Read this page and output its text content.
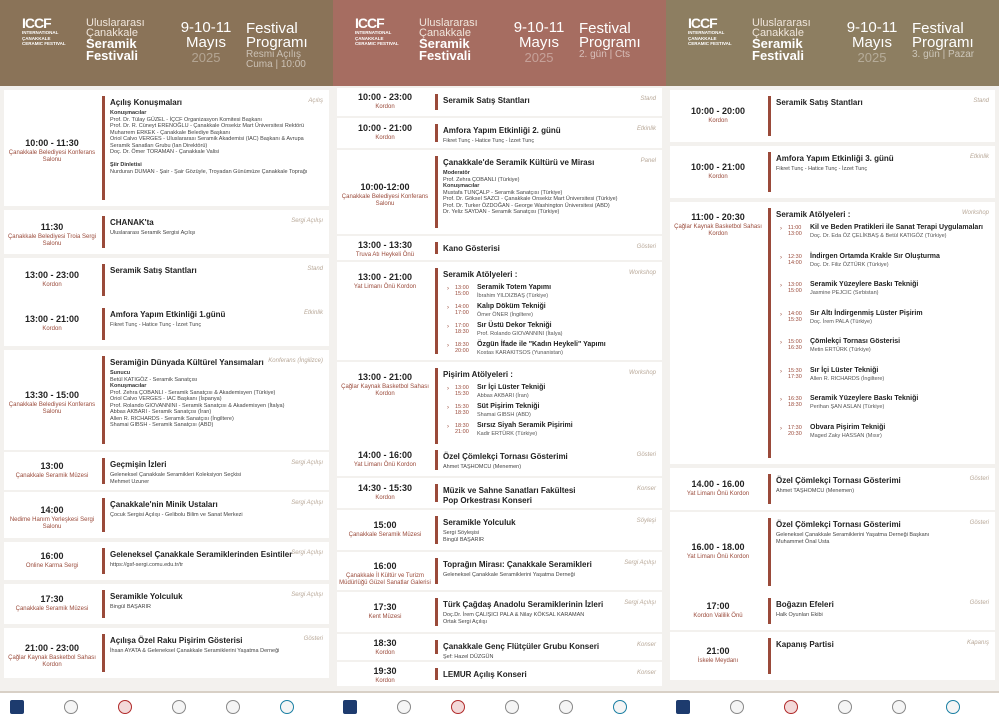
ICCF
INTERNATIONAL ÇANAKKALE CERAMIC FESTIVAL
Uluslararası
Çanakkale
Seramik
Festivali
9-10-11
Mayıs
2025
Festival
Programı
Resmi Açılış
Cuma | 10:00
10:00 - 11:30
Çanakkale Belediyesi Konferans Salonu
Açılış Konuşmaları	Açılış
Konuşmacılar
Prof. Dr. Tülay GÜZEL - İÇCF Organizasyon Komitesi Başkanı
Prof. Dr. R. Cüneyt ERENOĞLU - Çanakkale Onsekiz Mart Üniversitesi Rektörü
Muharrem ERKEK - Çanakkale Belediye Başkanı
Oriol Calvo VERGES - Uluslararası Seramik Akademisi (IAC) Başkanı & Avrupa
Seramik Sanatları Grubu (Ian Direktörü)
Doç. Dr. Ömer TORAMAN - Çanakkale Valisi

Şiir Dinletisi
Nurduran DUMAN - Şair - Şair Gözüyle, Troyadan Günümüze Çanakkale Toprağı
11:30
Çanakkale Belediyesi Troia Sergi Salonu
CHANAK'ta	Sergi Açılışı
Uluslararası Seramik Sergisi Açılışı
13:00 - 23:00
Kordon
Seramik Satış Stantları	Stand
13:00 - 21:00
Kordon
Amfora Yapım Etkinliği 1.günü	Etkinlik
Fikret Tunç - Hatice Tunç - İzzet Tunç
13:30 - 15:00
Çanakkale Belediyesi Konferans Salonu
Seramiğin Dünyada Kültürel Yansımaları Konferans (İngilizce)
Sunucu
Betül KATIGÖZ - Seramik Sanatçısı
Konuşmacılar
Prof. Zehra ÇOBANLI - Seramik Sanatçısı & Akademisyen (Türkiye)
Oriol Calvo VERGES - IAC Başkanı (İspanya)
Prof. Rolando GIOVANNINI - Seramik Sanatçısı & Akademisyen (İtalya)
Abbas AKBARI - Seramik Sanatçısı (İran)
Allen R. RICHARDS - Seramik Sanatçısı (İngiltere)
Shamai GIBSH - Seramik Sanatçısı (ABD)
13:00
Çanakkale Seramik Müzesi
Geçmişin İzleri	Sergi Açılışı
Geleneksel Çanakkale Seramikleri Koleksiyon Seçkisi
Mehmet Uzuner
14:00
Nedime Hanım Yerleşkesi Sergi Salonu
Çanakkale'nin Minik Ustaları	Sergi Açılışı
Çocuk Sergisi Açılışı - Gelibolu Bilim ve Sanat Merkezi
16:00
Online Karma Sergi
Geleneksel Çanakkale Seramiklerinden Esintiler
Sergi Açılışı
https://gsf-sergi.comu.edu.tr/tr
17:30
Çanakkale Seramik Müzesi
Seramikle Yolculuk	Sergi Açılışı
Bingül BAŞARIR
21:00 - 23:00
Çağlar Kaynak Basketbol Sahası Kordon
Açılışa Özel Raku Pişirim Gösterisi	Gösteri
İhsan AYATA & Geleneksel Çanakkale Seramiklerini Yaşatma Derneği
ICCF
INTERNATIONAL ÇANAKKALE CERAMIC FESTIVAL
Uluslararası
Çanakkale
Seramik
Festivali
9-10-11
Mayıs
2025
Festival
Programı
2. gün | Cts
10:00 - 23:00
Kordon
Seramik Satış Stantları	Stand
10:00 - 21:00
Kordon
Amfora Yapım Etkinliği 2. günü	Etkinlik
Fikret Tunç - Hatice Tunç - İzzet Tunç
10:00-12:00
Çanakkale Belediyesi Konferans Salonu
Çanakkale'de Seramik Kültürü ve Mirası	Panel
Moderatör
Prof. Zehra ÇOBANLI (Türkiye)
Konuşmacılar
Mustafa TUNÇALP - Seramik Sanatçısı (Türkiye)
Prof. Dr. Göksel SAZCI - Çanakkale Onsekiz Mart Üniversitesi (Türkiye)
Prof. Dr. Turker ÖZDOĞAN - George Washington Üniversitesi (ABD)
Dr. Yeliz SAYDAN - Seramik Sanatçısı (Türkiye)
13:00 - 13:30
Truva Atı Heykeli Önü
Kano Gösterisi	Gösteri
13:00 - 21:00
Yat Limanı Önü Kordon
Seramik Atölyeleri :	Workshop
› 13:00 15:00
Seramik Totem Yapımı
İbrahim YILDIZBAŞ (Türkiye)
› 14:00 17:00
Kalıp Döküm Tekniği
Ömer ÖNER (İngiltere)
› 17:00 18:30
Sır Üstü Dekor Tekniği
Prof. Rolando GIOVANNINI (İtalya)
› 18:30 20:00
Özgün İfade ile "Kadın Heykeli" Yapımı
Kostas KARAKITSOS (Yunanistan)
13:00 - 21:00
Çağlar Kaynak Basketbol Sahası Kordon
Pişirim Atölyeleri :	Workshop
› 13:00 15:30
Sır İçi Lüster Tekniği
Abbas AKBARI (İran)
› 15:30 18:30
Süt Pişirim Tekniği
Shamai GIBSH (ABD)
› 18:30 21:00
Sırsız Siyah Seramik Pişirimi
Kadir ERTÜRK (Türkiye)
14:00 - 16:00
Yat Limanı Önü Kordon
Özel Çömlekçi Tornası Gösterimi	Gösteri
Ahmet TAŞHOMCU (Menemen)
14:30 - 15:30
Kordon
Müzik ve Sahne Sanatları Fakültesi	Konser
Pop Orkestrası Konseri
15:00
Çanakkale Seramik Müzesi
Seramikle Yolculuk	Söyleşi
Sergi Söyleşisi
Bingül BAŞARIR
16:00
Çanakkale İl Kültür ve Turizm Müdürlüğü Güzel Sanatlar Galerisi
Toprağın Mirası: Çanakkale Seramikleri	Sergi Açılışı
Geleneksel Çanakkale Seramiklerini Yaşatma Derneği
17:30
Kent Müzesi
Türk Çağdaş Anadolu Seramiklerinin İzleri	Sergi Açılışı
Doç.Dr. İrem ÇALIŞICI PALA & Nilay KÖKSAL KARAMAN
Ortak Sergi Açılışı
18:30
Kordon
Çanakkale Genç Flütçüler Grubu Konseri	Konser
Şef: Hazel DÜZGÜN
19:30
Kordon
LEMUR Açılış Konseri	Konser
ICCF
INTERNATIONAL ÇANAKKALE CERAMIC FESTIVAL
Uluslararası
Çanakkale
Seramik
Festivali
9-10-11
Mayıs
2025
Festival
Programı
3. gün | Pazar
10:00 - 20:00
Kordon
Seramik Satış Stantları	Stand
10:00 - 21:00
Kordon
Amfora Yapım Etkinliği 3. günü	Etkinlik
Fikret Tunç - Hatice Tunç - İzzet Tunç
11:00 - 20:30
Çağlar Kaynak Basketbol Sahası Kordon
Seramik Atölyeleri :	Workshop
› 11:00 13:00
Kil ve Beden Pratikleri ile Sanat Terapi Uygulamaları
Doç. Dr. Eda ÖZ ÇELİKBAŞ & Betül KATIGÖZ (Türkiye)
› 12:30 14:00
İndirgen Ortamda Krakle Sır Oluşturma
Doç. Dr. Filiz ÖZTÜRK (Türkiye)
› 13:00 15:00
Seramik Yüzeylere Baskı Tekniği
Jasmine PEJCIC (Sırbistan)
› 14:00 15:30
Sır Altı İndirgenmiş Lüster Pişirim
Doç. İrem PALA (Türkiye)
› 15:00 16:30
Çömlekçi Tornası Gösterisi
Metin ERTÜRK (Türkiye)
› 15:30 17:30
Sır İçi Lüster Tekniği
Allen R. RICHARDS (İngiltere)
› 16:30 18:30
Seramik Yüzeylere Baskı Tekniği
Perihan ŞAN ASLAN (Türkiye)
› 17:30 20:30
Obvara Pişirim Tekniği
Maged Zaky HASSAN (Mısır)
14.00 - 16.00
Yat Limanı Önü Kordon
Özel Çömlekçi Tornası Gösterimi	Gösteri
Ahmet TAŞHOMCU (Menemen)
16.00 - 18.00
Yat Limanı Önü Kordon
Özel Çömlekçi Tornası Gösterimi	Gösteri
Geleneksel Çanakkale Seramiklerini Yaşatma Derneği Başkanı
Muhammet Önal Usta
17:00
Kordon Valilik Önü
Boğazın Efeleri	Gösteri
Halk Oyunları Ekibi
21:00
İskele Meydanı
Kapanış Partisi	Kapanış
